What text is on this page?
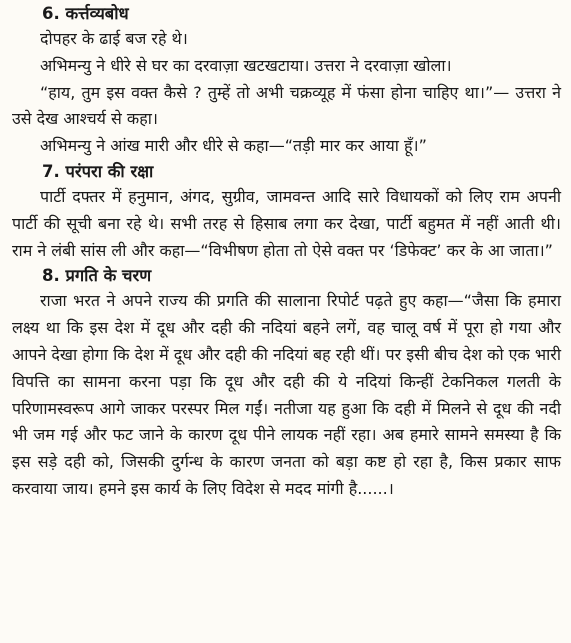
6. कर्त्तव्यबोध

दोपहर के ढाई बज रहे थे।

अभिमन्यु ने धीरे से घर का दरवाज़ा खटखटाया। उत्तरा ने दरवाज़ा खोला।

“हाय, तुम इस वक्त कैसे ? तुम्हें तो अभी चक्रव्यूह में फंसा होना चाहिए था।”— उत्तरा ने उसे देख आश्चर्य से कहा।

अभिमन्यु ने आंख मारी और धीरे से कहा—“तड़ी मार कर आया हूँ।”

7. परंपरा की रक्षा

पार्टी दफ्तर में हनुमान, अंगद, सुग्रीव, जामवन्त आदि सारे विधायकों को लिए राम अपनी पार्टी की सूची बना रहे थे। सभी तरह से हिसाब लगा कर देखा, पार्टी बहुमत में नहीं आती थी। राम ने लंबी सांस ली और कहा—“विभीषण होता तो ऐसे वक्त पर ‘डिफेक्ट’ कर के आ जाता।”

8. प्रगति के चरण

राजा भरत ने अपने राज्य की प्रगति की सालाना रिपोर्ट पढ़ते हुए कहा—“जैसा कि हमारा लक्ष्य था कि इस देश में दूध और दही की नदियां बहने लगें, वह चालू वर्ष में पूरा हो गया और आपने देखा होगा कि देश में दूध और दही की नदियां बह रही थीं। पर इसी बीच देश को एक भारी विपत्ति का सामना करना पड़ा कि दूध और दही की ये नदियां किन्हीं टेकनिकल गलती के परिणामस्वरूप आगे जाकर परस्पर मिल गईं। नतीजा यह हुआ कि दही में मिलने से दूध की नदी भी जम गई और फट जाने के कारण दूध पीने लायक नहीं रहा। अब हमारे सामने समस्या है कि इस सड़े दही को, जिसकी दुर्गन्ध के कारण जनता को बड़ा कष्ट हो रहा है, किस प्रकार साफ करवाया जाय। हमने इस कार्य के लिए विदेश से मदद मांगी है......।
